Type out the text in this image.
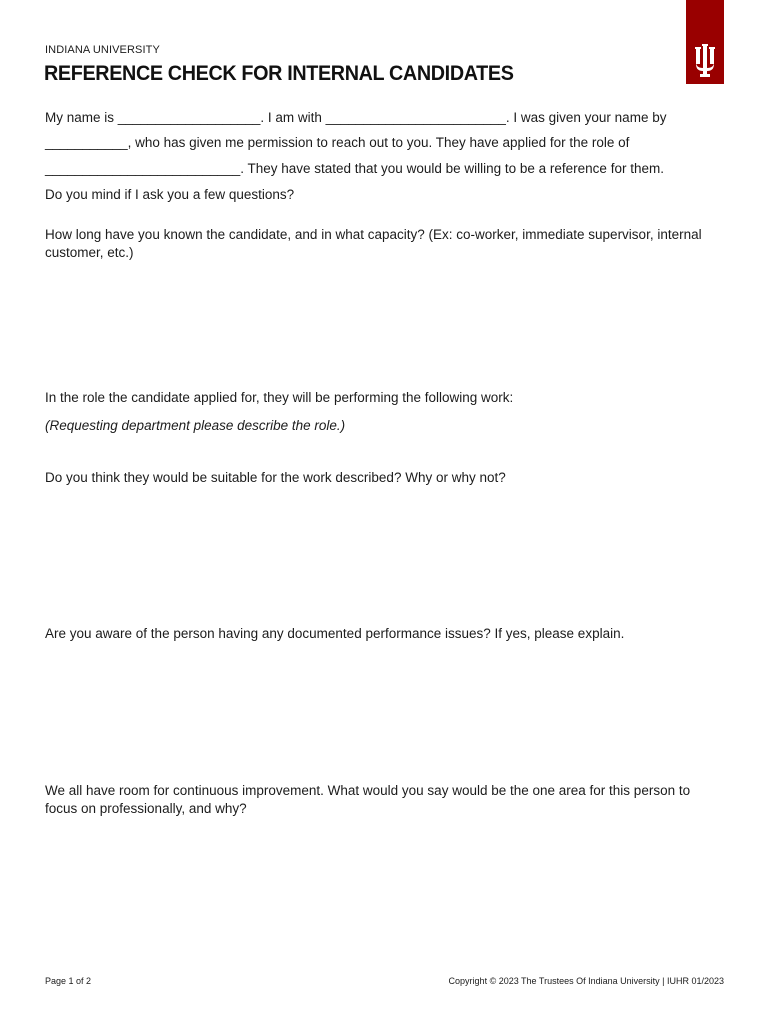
INDIANA UNIVERSITY
REFERENCE CHECK FOR INTERNAL CANDIDATES

My name is ___________________. I am with ________________________. I was given your name by

___________, who has given me permission to reach out to you. They have applied for the role of

__________________________. They have stated that you would be willing to be a reference for them.

Do you mind if I ask you a few questions?

How long have you known the candidate, and in what capacity? (Ex: co-worker, immediate supervisor, internal customer, etc.)

In the role the candidate applied for, they will be performing the following work:

(Requesting department please describe the role.)

Do you think they would be suitable for the work described? Why or why not?

Are you aware of the person having any documented performance issues? If yes, please explain.

We all have room for continuous improvement. What would you say would be the one area for this person to focus on professionally, and why?

Page 1 of 2	Copyright © 2023 The Trustees Of Indiana University | IUHR 01/2023
